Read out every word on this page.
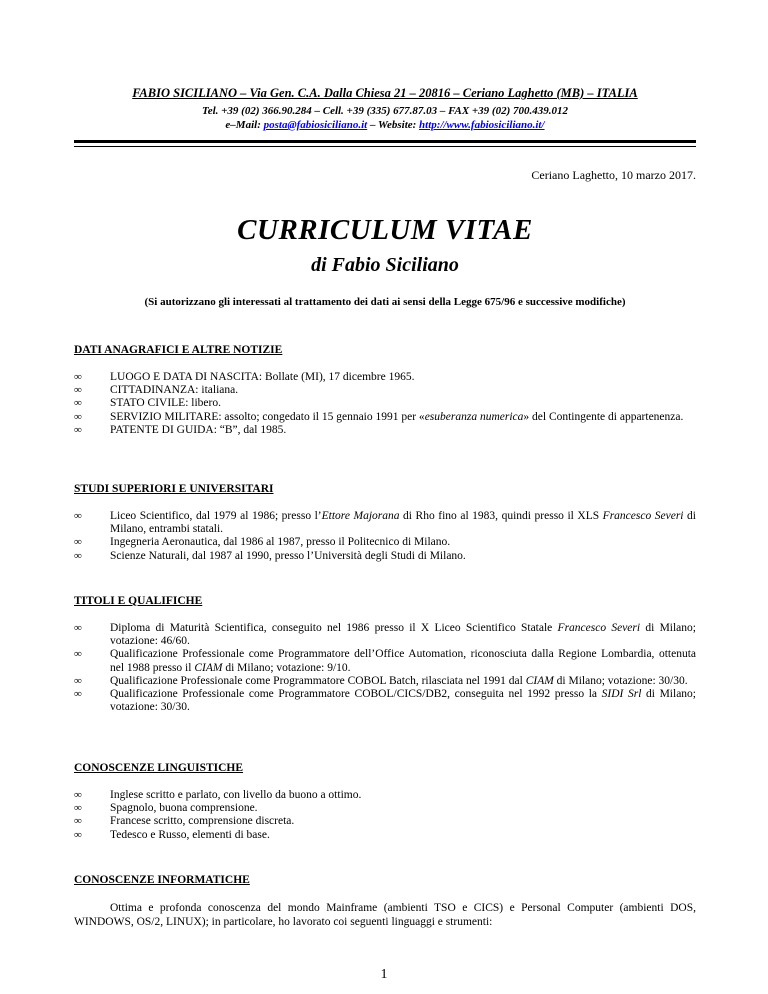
FABIO SICILIANO – Via Gen. C.A. Dalla Chiesa 21 – 20816 – Ceriano Laghetto (MB) – ITALIA
Tel. +39 (02) 366.90.284 – Cell. +39 (335) 677.87.03 – FAX +39 (02) 700.439.012
e–Mail: posta@fabiosiciliano.it – Website: http://www.fabiosiciliano.it/
Ceriano Laghetto, 10 marzo 2017.
CURRICULUM VITAE
di Fabio Siciliano
(Si autorizzano gli interessati al trattamento dei dati ai sensi della Legge 675/96 e successive modifiche)
DATI ANAGRAFICI E ALTRE NOTIZIE
∞ LUOGO E DATA DI NASCITA: Bollate (MI), 17 dicembre 1965.
∞ CITTADINANZA: italiana.
∞ STATO CIVILE: libero.
∞ SERVIZIO MILITARE: assolto; congedato il 15 gennaio 1991 per «esuberanza numerica» del Contingente di appartenenza.
∞ PATENTE DI GUIDA: “B”, dal 1985.
STUDI SUPERIORI E UNIVERSITARI
∞ Liceo Scientifico, dal 1979 al 1986; presso l’Ettore Majorana di Rho fino al 1983, quindi presso il XLS Francesco Severi di Milano, entrambi statali.
∞ Ingegneria Aeronautica, dal 1986 al 1987, presso il Politecnico di Milano.
∞ Scienze Naturali, dal 1987 al 1990, presso l’Università degli Studi di Milano.
TITOLI E QUALIFICHE
∞ Diploma di Maturità Scientifica, conseguito nel 1986 presso il X Liceo Scientifico Statale Francesco Severi di Milano; votazione: 46/60.
∞ Qualificazione Professionale come Programmatore dell’Office Automation, riconosciuta dalla Regione Lombardia, ottenuta nel 1988 presso il CIAM di Milano; votazione: 9/10.
∞ Qualificazione Professionale come Programmatore COBOL Batch, rilasciata nel 1991 dal CIAM di Milano; votazione: 30/30.
∞ Qualificazione Professionale come Programmatore COBOL/CICS/DB2, conseguita nel 1992 presso la SIDI Srl di Milano; votazione: 30/30.
CONOSCENZE LINGUISTICHE
∞ Inglese scritto e parlato, con livello da buono a ottimo.
∞ Spagnolo, buona comprensione.
∞ Francese scritto, comprensione discreta.
∞ Tedesco e Russo, elementi di base.
CONOSCENZE INFORMATICHE

Ottima e profonda conoscenza del mondo Mainframe (ambienti TSO e CICS) e Personal Computer (ambienti DOS, WINDOWS, OS/2, LINUX); in particolare, ho lavorato coi seguenti linguaggi e strumenti:

1
